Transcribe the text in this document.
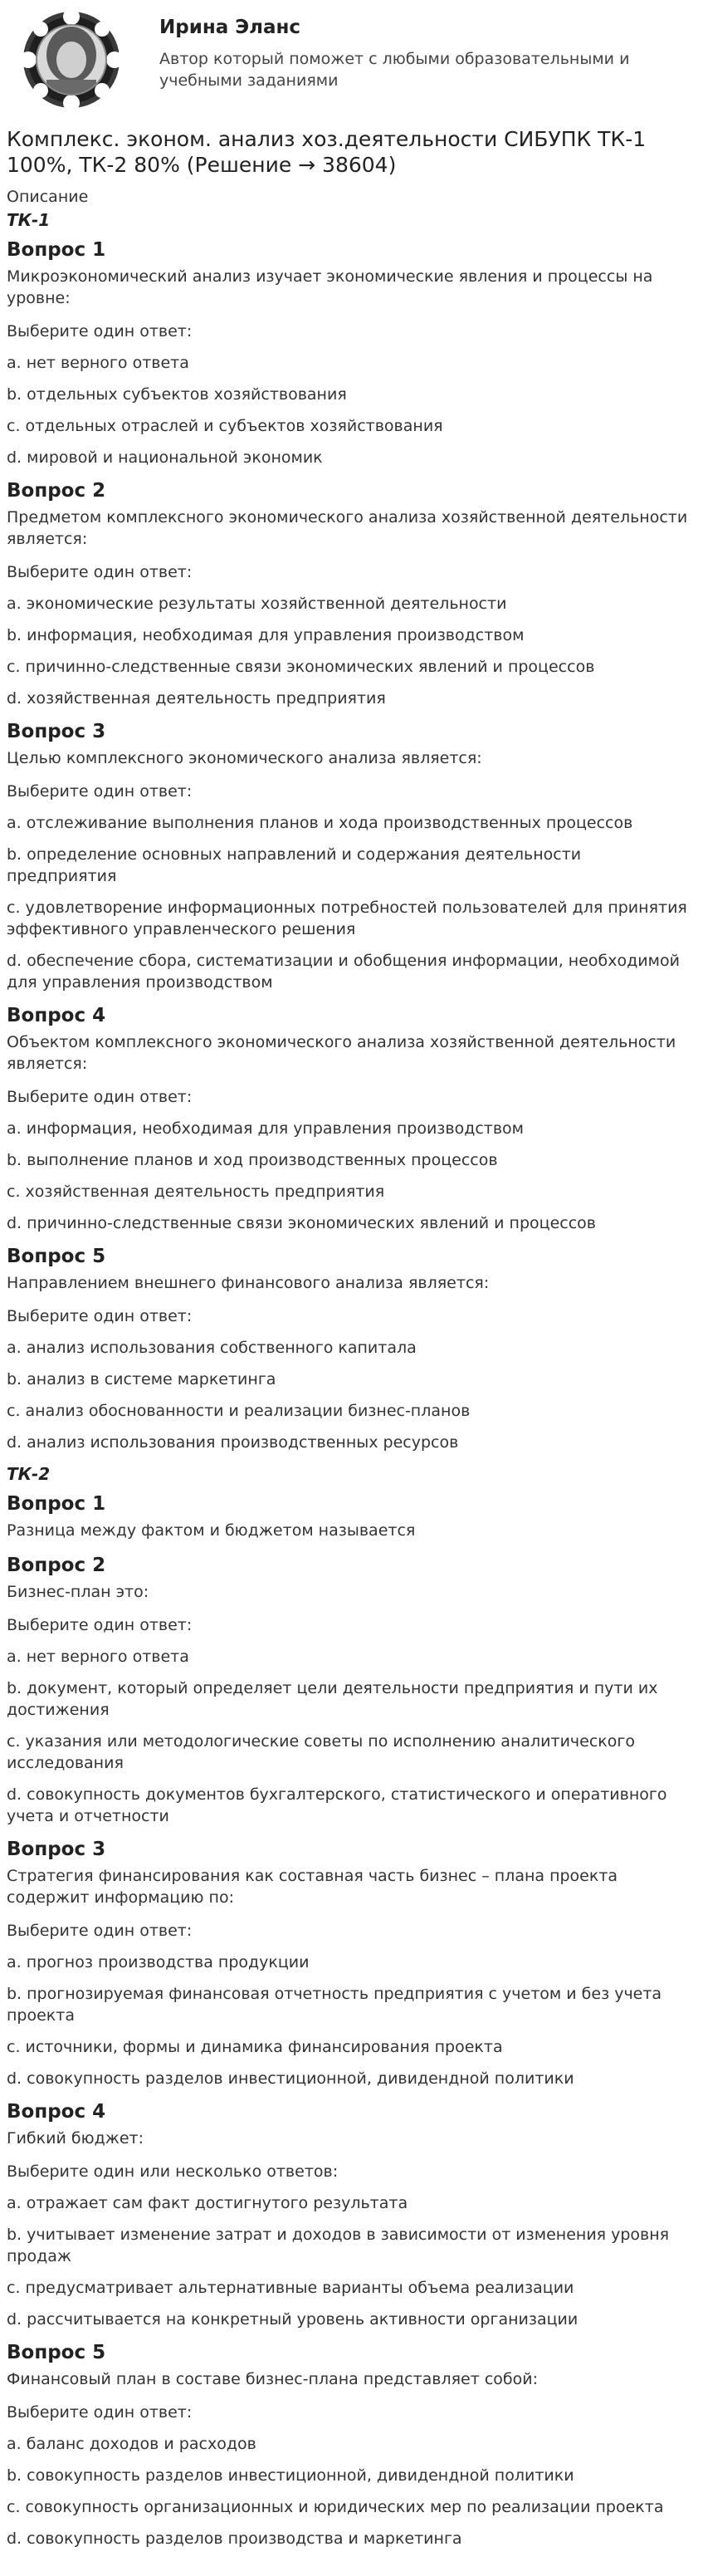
Ирина Эланс
Автор который поможет с любыми образовательными и учебными заданиями
Комплекс. эконом. анализ хоз.деятельности СИБУПК ТК-1 100%, ТК-2 80% (Решение → 38604)
Описание
ТК-1
Вопрос 1
Микроэкономический анализ изучает экономические явления и процессы на уровне:
Выберите один ответ:
a. нет верного ответа
b. отдельных субъектов хозяйствования
c. отдельных отраслей и субъектов хозяйствования
d. мировой и национальной экономик
Вопрос 2
Предметом комплексного экономического анализа хозяйственной деятельности является:
Выберите один ответ:
a. экономические результаты хозяйственной деятельности
b. информация, необходимая для управления производством
c. причинно-следственные связи экономических явлений и процессов
d. хозяйственная деятельность предприятия
Вопрос 3
Целью комплексного экономического анализа является:
Выберите один ответ:
a. отслеживание выполнения планов и хода производственных процессов
b. определение основных направлений и содержания деятельности предприятия
c. удовлетворение информационных потребностей пользователей для принятия эффективного управленческого решения
d. обеспечение сбора, систематизации и обобщения информации, необходимой для управления производством
Вопрос 4
Объектом комплексного экономического анализа хозяйственной деятельности является:
Выберите один ответ:
a. информация, необходимая для управления производством
b. выполнение планов и ход производственных процессов
c. хозяйственная деятельность предприятия
d. причинно-следственные связи экономических явлений и процессов
Вопрос 5
Направлением внешнего финансового анализа является:
Выберите один ответ:
a. анализ использования собственного капитала
b. анализ в системе маркетинга
c. анализ обоснованности и реализации бизнес-планов
d. анализ использования производственных ресурсов
ТК-2
Вопрос 1
Разница между фактом и бюджетом называется
Вопрос 2
Бизнес-план это:
Выберите один ответ:
a. нет верного ответа
b. документ, который определяет цели деятельности предприятия и пути их достижения
c. указания или методологические советы по исполнению аналитического исследования
d. совокупность документов бухгалтерского, статистического и оперативного учета и отчетности
Вопрос 3
Стратегия финансирования как составная часть бизнес – плана проекта содержит информацию по:
Выберите один ответ:
a. прогноз производства продукции
b. прогнозируемая финансовая отчетность предприятия с учетом и без учета проекта
c. источники, формы и динамика финансирования проекта
d. совокупность разделов инвестиционной, дивидендной политики
Вопрос 4
Гибкий бюджет:
Выберите один или несколько ответов:
a. отражает сам факт достигнутого результата
b. учитывает изменение затрат и доходов в зависимости от изменения уровня продаж
c. предусматривает альтернативные варианты объема реализации
d. рассчитывается на конкретный уровень активности организации
Вопрос 5
Финансовый план в составе бизнес-плана представляет собой:
Выберите один ответ:
a. баланс доходов и расходов
b. совокупность разделов инвестиционной, дивидендной политики
c. совокупность организационных и юридических мер по реализации проекта
d. совокупность разделов производства и маркетинга
